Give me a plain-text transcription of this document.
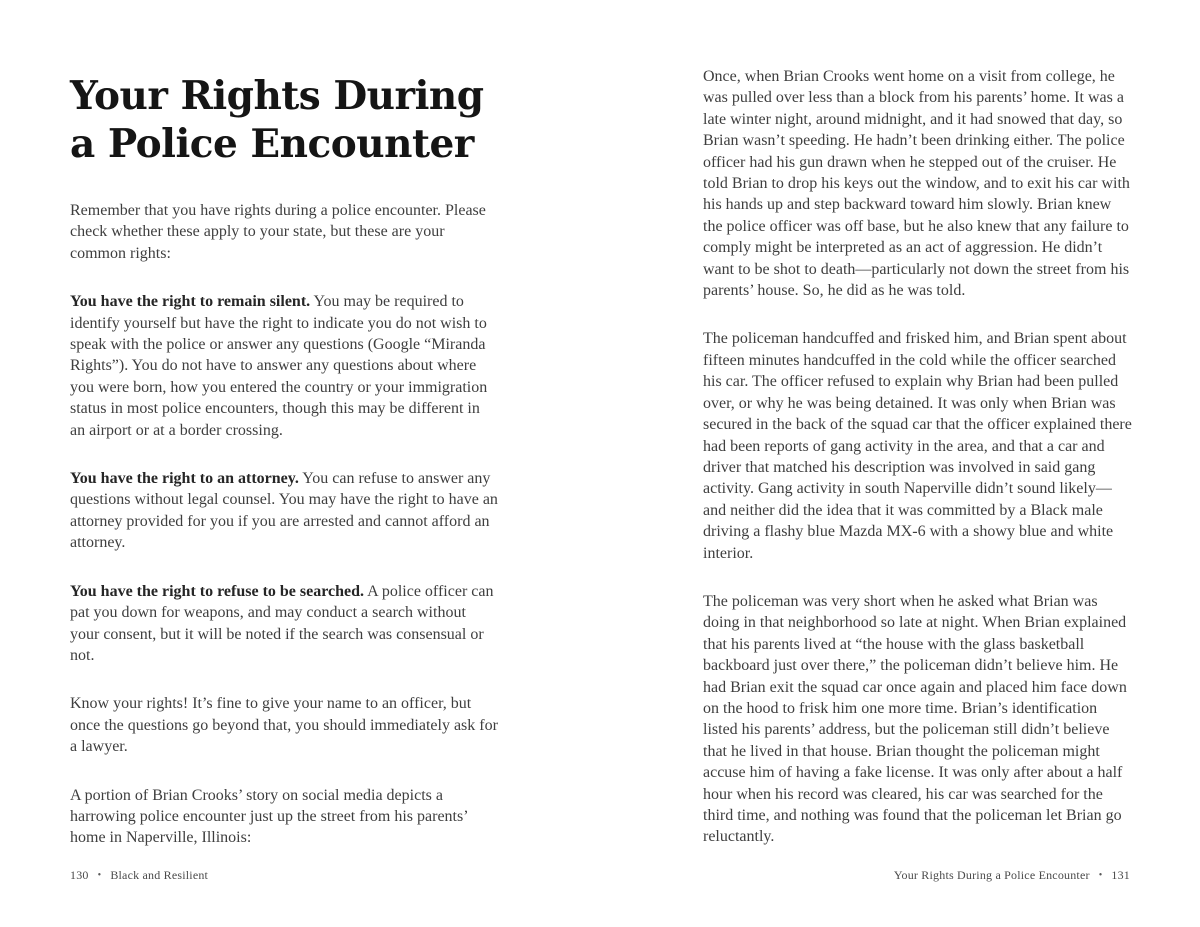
Your Rights During
a Police Encounter

Remember that you have rights during a police encounter. Please check whether these apply to your state, but these are your common rights:

You have the right to remain silent. You may be required to identify yourself but have the right to indicate you do not wish to speak with the police or answer any questions (Google “Miranda Rights”). You do not have to answer any questions about where you were born, how you entered the country or your immigration status in most police encounters, though this may be different in an airport or at a border crossing.

You have the right to an attorney. You can refuse to answer any questions without legal counsel. You may have the right to have an attorney provided for you if you are arrested and cannot afford an attorney.

You have the right to refuse to be searched. A police officer can pat you down for weapons, and may conduct a search without your consent, but it will be noted if the search was consensual or not.

Know your rights! It’s fine to give your name to an officer, but once the questions go beyond that, you should immediately ask for a lawyer.

A portion of Brian Crooks’ story on social media depicts a harrowing police encounter just up the street from his parents’ home in Naperville, Illinois:

Once, when Brian Crooks went home on a visit from college, he was pulled over less than a block from his parents’ home. It was a late winter night, around midnight, and it had snowed that day, so Brian wasn’t speeding. He hadn’t been drinking either. The police officer had his gun drawn when he stepped out of the cruiser. He told Brian to drop his keys out the window, and to exit his car with his hands up and step backward toward him slowly. Brian knew the police officer was off base, but he also knew that any failure to comply might be interpreted as an act of aggression. He didn’t want to be shot to death—particularly not down the street from his parents’ house. So, he did as he was told.

The policeman handcuffed and frisked him, and Brian spent about fifteen minutes handcuffed in the cold while the officer searched his car. The officer refused to explain why Brian had been pulled over, or why he was being detained. It was only when Brian was secured in the back of the squad car that the officer explained there had been reports of gang activity in the area, and that a car and driver that matched his description was involved in said gang activity. Gang activity in south Naperville didn’t sound likely—and neither did the idea that it was committed by a Black male driving a flashy blue Mazda MX-6 with a showy blue and white interior.

The policeman was very short when he asked what Brian was doing in that neighborhood so late at night. When Brian explained that his parents lived at “the house with the glass basketball backboard just over there,” the policeman didn’t believe him. He had Brian exit the squad car once again and placed him face down on the hood to frisk him one more time. Brian’s identification listed his parents’ address, but the policeman still didn’t believe that he lived in that house. Brian thought the policeman might accuse him of having a fake license. It was only after about a half hour when his record was cleared, his car was searched for the third time, and nothing was found that the policeman let Brian go reluctantly.

130 • Black and Resilient	Your Rights During a Police Encounter • 131
